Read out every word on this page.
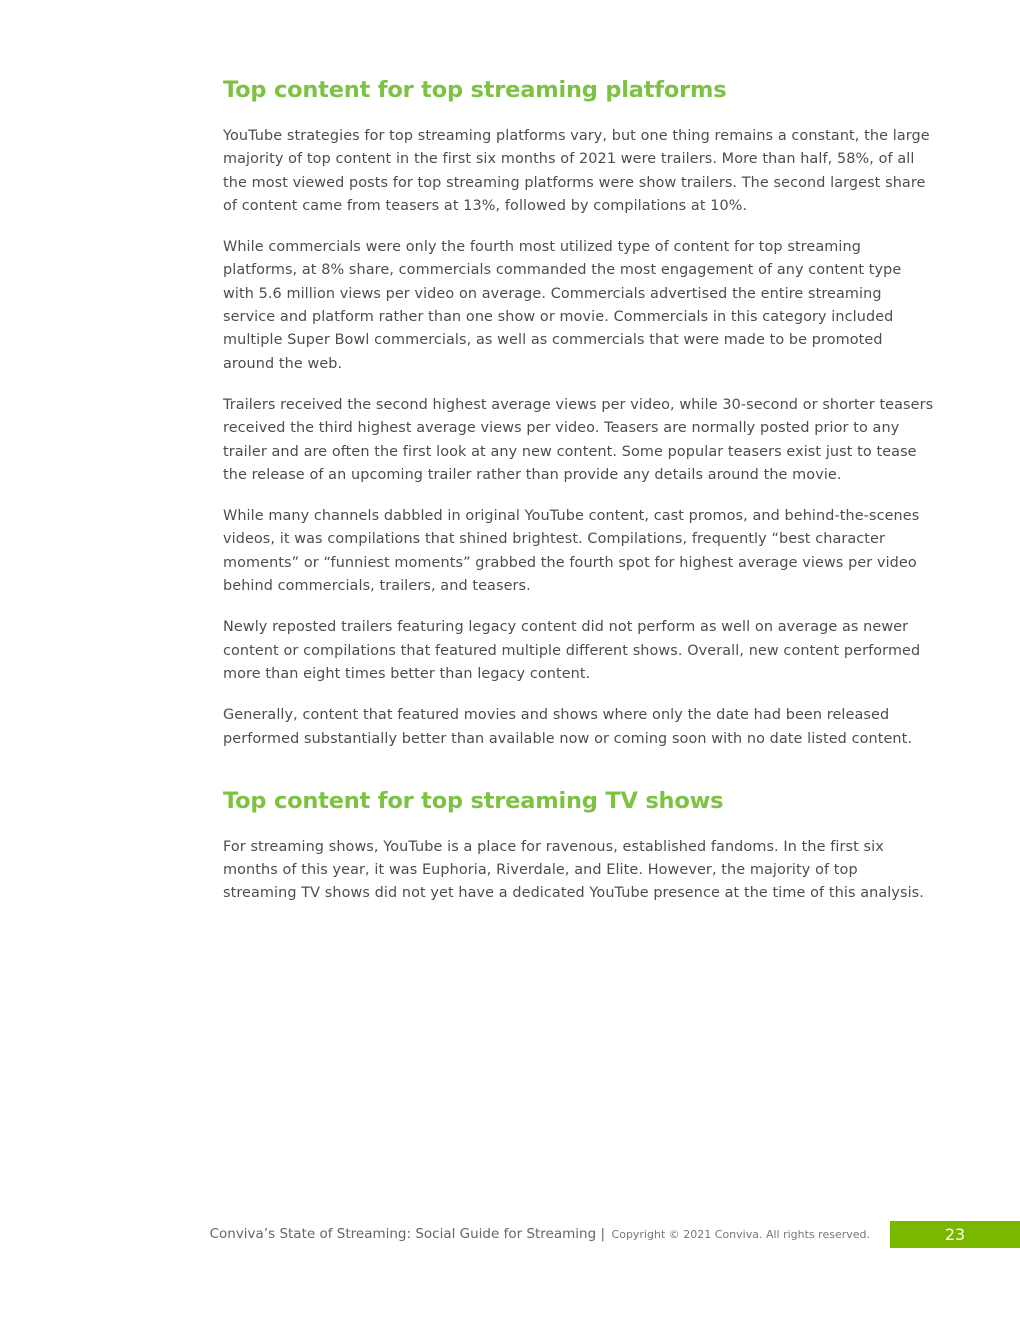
Top content for top streaming platforms

YouTube strategies for top streaming platforms vary, but one thing remains a constant, the large majority of top content in the first six months of 2021 were trailers. More than half, 58%, of all the most viewed posts for top streaming platforms were show trailers. The second largest share of content came from teasers at 13%, followed by compilations at 10%.

While commercials were only the fourth most utilized type of content for top streaming platforms, at 8% share, commercials commanded the most engagement of any content type with 5.6 million views per video on average. Commercials advertised the entire streaming service and platform rather than one show or movie. Commercials in this category included multiple Super Bowl commercials, as well as commercials that were made to be promoted around the web.

Trailers received the second highest average views per video, while 30-second or shorter teasers received the third highest average views per video. Teasers are normally posted prior to any trailer and are often the first look at any new content. Some popular teasers exist just to tease the release of an upcoming trailer rather than provide any details around the movie.

While many channels dabbled in original YouTube content, cast promos, and behind-the-scenes videos, it was compilations that shined brightest. Compilations, frequently “best character moments” or “funniest moments” grabbed the fourth spot for highest average views per video behind commercials, trailers, and teasers.

Newly reposted trailers featuring legacy content did not perform as well on average as newer content or compilations that featured multiple different shows. Overall, new content performed more than eight times better than legacy content.

Generally, content that featured movies and shows where only the date had been released performed substantially better than available now or coming soon with no date listed content.

Top content for top streaming TV shows

For streaming shows, YouTube is a place for ravenous, established fandoms. In the first six months of this year, it was Euphoria, Riverdale, and Elite. However, the majority of top streaming TV shows did not yet have a dedicated YouTube presence at the time of this analysis.

Conviva’s State of Streaming: Social Guide for Streaming | Copyright © 2021 Conviva. All rights reserved.	23
